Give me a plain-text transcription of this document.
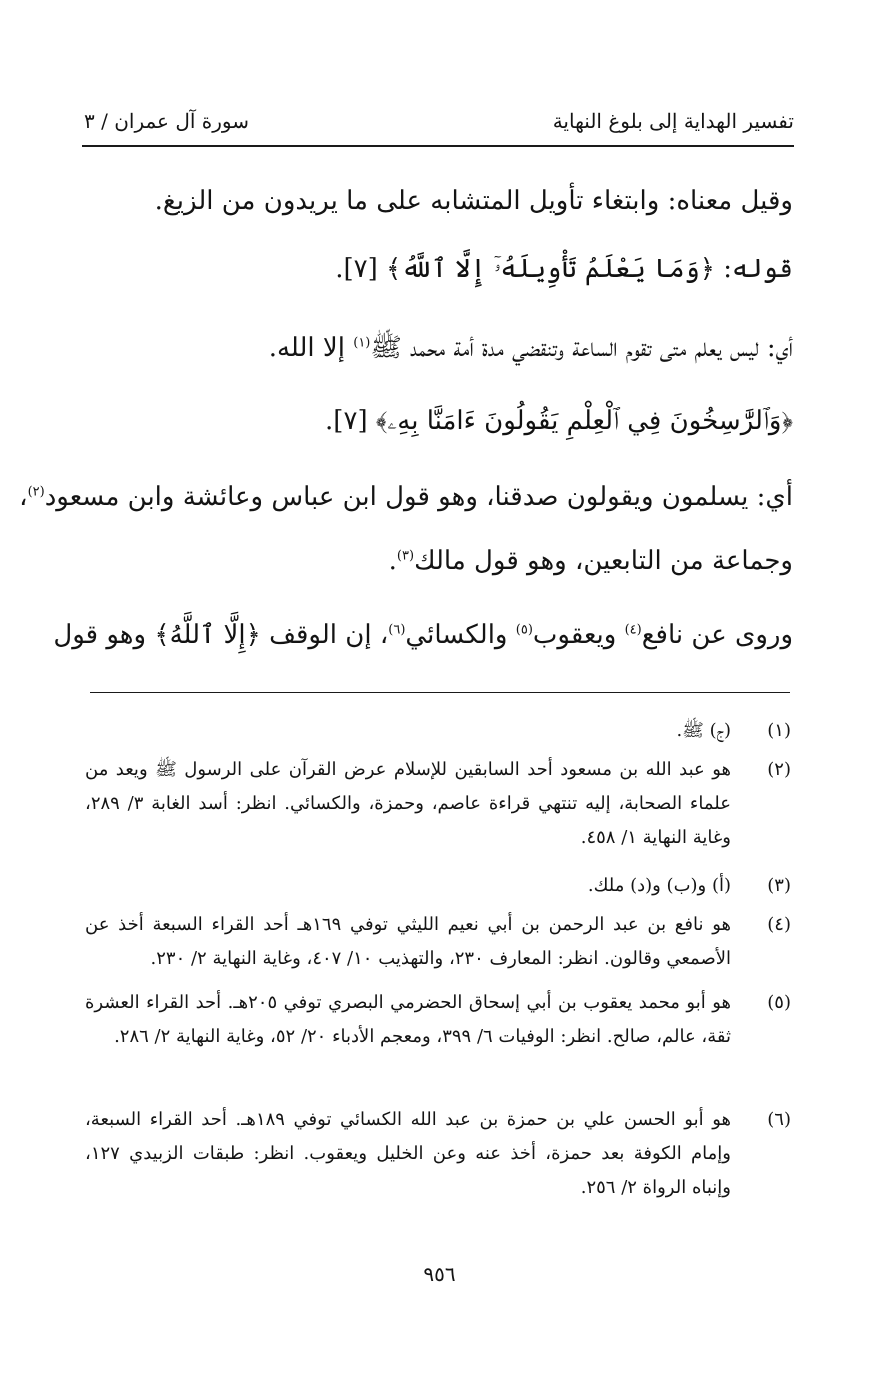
تفسير الهداية إلى بلوغ النهاية
سورة آل عمران / ٣
وقيل معناه: وابتغاء تأويل المتشابه على ما يريدون من الزيغ.
قوله: ﴿وَمَا يَعْلَمُ تَأْوِيلَهُۥٓ إِلَّا ٱللَّهُ﴾ [٧].
أي: ليس يعلم متى تقوم الساعة وتنقضي مدة أمة محمد ﷺ$^{(١)}$ إلا الله.
﴿وَٱلرَّٰسِخُونَ فِي ٱلْعِلْمِ يَقُولُونَ ءَامَنَّا بِهِۦ﴾ [٧].
أي: يسلمون ويقولون صدقنا، وهو قول ابن عباس وعائشة وابن مسعود$^{(٢)}$،
وجماعة من التابعين، وهو قول مالك$^{(٣)}$.
وروى عن نافع$^{(٤)}$ ويعقوب$^{(٥)}$ والكسائي$^{(٦)}$، إن الوقف ﴿إِلَّا ٱللَّهُ﴾ وهو قول
(١)
(ج) ﷺ.
(٢)
هو عبد الله بن مسعود أحد السابقين للإسلام عرض القرآن على الرسول ﷺ ويعد من علماء الصحابة، إليه تنتهي قراءة عاصم، وحمزة، والكسائي. انظر: أسد الغابة ٣/ ٢٨٩، وغاية النهاية ١/ ٤٥٨.
(٣)
(أ) و(ب) و(د) ملك.
(٤)
هو نافع بن عبد الرحمن بن أبي نعيم الليثي توفي ١٦٩هـ أحد القراء السبعة أخذ عن الأصمعي وقالون. انظر: المعارف ٢٣٠، والتهذيب ١٠/ ٤٠٧، وغاية النهاية ٢/ ٢٣٠.
(٥)
هو أبو محمد يعقوب بن أبي إسحاق الحضرمي البصري توفي ٢٠٥هـ. أحد القراء العشرة ثقة، عالم، صالح. انظر: الوفيات ٦/ ٣٩٩، ومعجم الأدباء ٢٠/ ٥٢، وغاية النهاية ٢/ ٢٨٦.
(٦)
هو أبو الحسن علي بن حمزة بن عبد الله الكسائي توفي ١٨٩هـ. أحد القراء السبعة، وإمام الكوفة بعد حمزة، أخذ عنه وعن الخليل ويعقوب. انظر: طبقات الزبيدي ١٢٧، وإنباه الرواة ٢/ ٢٥٦.
٩٥٦
